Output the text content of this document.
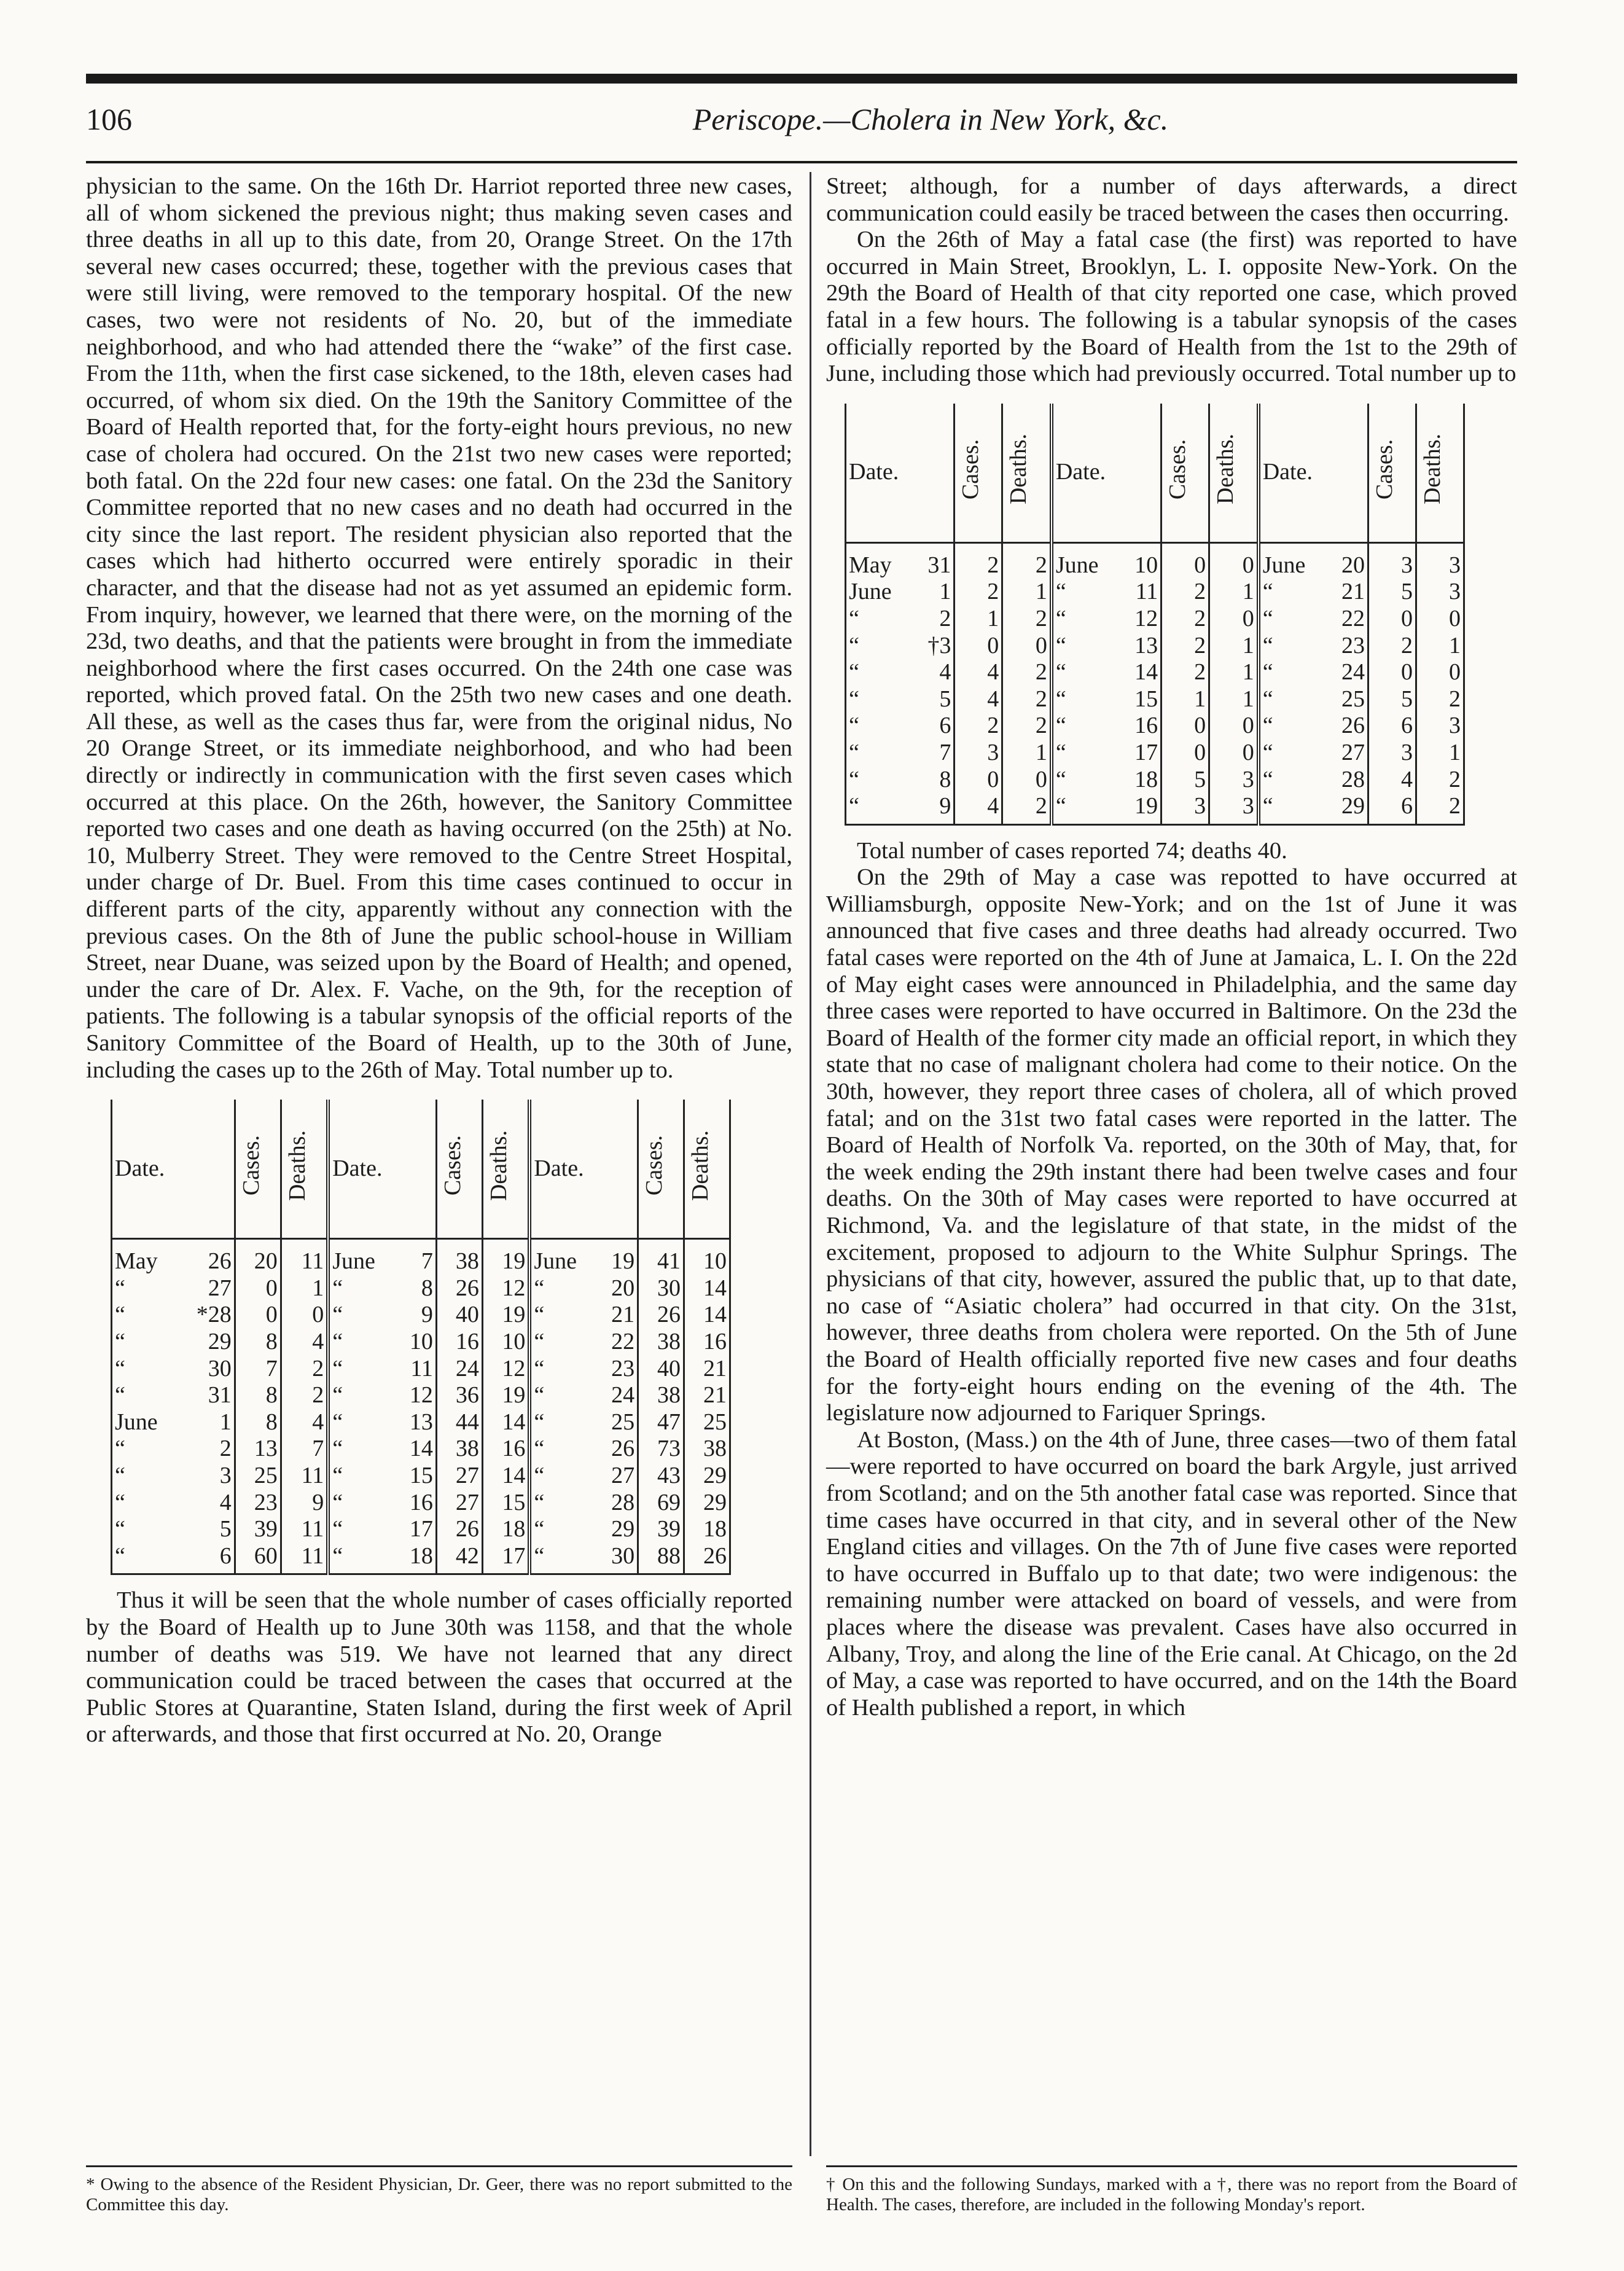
106	Periscope.—Cholera in New York, &c.

physician to the same. On the 16th Dr. Harriot reported three new cases, all of whom sickened the previous night; thus making seven cases and three deaths in all up to this date, from 20, Orange Street. On the 17th several new cases occurred; these, together with the previous cases that were still living, were removed to the temporary hospital. Of the new cases, two were not residents of No. 20, but of the immediate neighborhood, and who had attended there the “wake” of the first case. From the 11th, when the first case sickened, to the 18th, eleven cases had occurred, of whom six died. On the 19th the Sanitory Committee of the Board of Health reported that, for the forty-eight hours previous, no new case of cholera had occured. On the 21st two new cases were reported; both fatal. On the 22d four new cases: one fatal. On the 23d the Sanitory Committee reported that no new cases and no death had occurred in the city since the last report. The resident physician also reported that the cases which had hitherto occurred were entirely sporadic in their character, and that the disease had not as yet assumed an epidemic form. From inquiry, however, we learned that there were, on the morning of the 23d, two deaths, and that the patients were brought in from the immediate neighborhood where the first cases occurred. On the 24th one case was reported, which proved fatal. On the 25th two new cases and one death. All these, as well as the cases thus far, were from the original nidus, No 20 Orange Street, or its immediate neighborhood, and who had been directly or indirectly in communication with the first seven cases which occurred at this place. On the 26th, however, the Sanitory Committee reported two cases and one death as having occurred (on the 25th) at No. 10, Mulberry Street. They were removed to the Centre Street Hospital, under charge of Dr. Buel. From this time cases continued to occur in different parts of the city, apparently without any connection with the previous cases. On the 8th of June the public school-house in William Street, near Duane, was seized upon by the Board of Health; and opened, under the care of Dr. Alex. F. Vache, on the 9th, for the reception of patients. The following is a tabular synopsis of the official reports of the Sanitory Committee of the Board of Health, up to the 30th of June, including the cases up to the 26th of May. Total number up to.

Date.		Cases.	Deaths.	Date.		Cases.	Deaths.	Date.		Cases.	Deaths.
May	26	20	11	June	7	38	19	June	19	41	10
“	27	0	1	“	8	26	12	“	20	30	14
“	*28	0	0	“	9	40	19	“	21	26	14
“	29	8	4	“	10	16	10	“	22	38	16
“	30	7	2	“	11	24	12	“	23	40	21
“	31	8	2	“	12	36	19	“	24	38	21
June	1	8	4	“	13	44	14	“	25	47	25
“	2	13	7	“	14	38	16	“	26	73	38
“	3	25	11	“	15	27	14	“	27	43	29
“	4	23	9	“	16	27	15	“	28	69	29
“	5	39	11	“	17	26	18	“	29	39	18
“	6	60	11	“	18	42	17	“	30	88	26

Thus it will be seen that the whole number of cases officially reported by the Board of Health up to June 30th was 1158, and that the whole number of deaths was 519. We have not learned that any direct communication could be traced between the cases that occurred at the Public Stores at Quarantine, Staten Island, during the first week of April or afterwards, and those that first occurred at No. 20, Orange

Street; although, for a number of days afterwards, a direct communication could easily be traced between the cases then occurring.

On the 26th of May a fatal case (the first) was reported to have occurred in Main Street, Brooklyn, L. I. opposite New-York. On the 29th the Board of Health of that city reported one case, which proved fatal in a few hours. The following is a tabular synopsis of the cases officially reported by the Board of Health from the 1st to the 29th of June, including those which had previously occurred. Total number up to

Date.		Cases.	Deaths.	Date.		Cases.	Deaths.	Date.		Cases.	Deaths.
May	31	2	2	June	10	0	0	June	20	3	3
June	1	2	1	“	11	2	1	“	21	5	3
“	2	1	2	“	12	2	0	“	22	0	0
“	†3	0	0	“	13	2	1	“	23	2	1
“	4	4	2	“	14	2	1	“	24	0	0
“	5	4	2	“	15	1	1	“	25	5	2
“	6	2	2	“	16	0	0	“	26	6	3
“	7	3	1	“	17	0	0	“	27	3	1
“	8	0	0	“	18	5	3	“	28	4	2
“	9	4	2	“	19	3	3	“	29	6	2

Total number of cases reported 74; deaths 40.

On the 29th of May a case was repotted to have occurred at Williamsburgh, opposite New-York; and on the 1st of June it was announced that five cases and three deaths had already occurred. Two fatal cases were reported on the 4th of June at Jamaica, L. I. On the 22d of May eight cases were announced in Philadelphia, and the same day three cases were reported to have occurred in Baltimore. On the 23d the Board of Health of the former city made an official report, in which they state that no case of malignant cholera had come to their notice. On the 30th, however, they report three cases of cholera, all of which proved fatal; and on the 31st two fatal cases were reported in the latter. The Board of Health of Norfolk Va. reported, on the 30th of May, that, for the week ending the 29th instant there had been twelve cases and four deaths. On the 30th of May cases were reported to have occurred at Richmond, Va. and the legislature of that state, in the midst of the excitement, proposed to adjourn to the White Sulphur Springs. The physicians of that city, however, assured the public that, up to that date, no case of “Asiatic cholera” had occurred in that city. On the 31st, however, three deaths from cholera were reported. On the 5th of June the Board of Health officially reported five new cases and four deaths for the forty-eight hours ending on the evening of the 4th. The legislature now adjourned to Fariquer Springs.

At Boston, (Mass.) on the 4th of June, three cases—two of them fatal—were reported to have occurred on board the bark Argyle, just arrived from Scotland; and on the 5th another fatal case was reported. Since that time cases have occurred in that city, and in several other of the New England cities and villages. On the 7th of June five cases were reported to have occurred in Buffalo up to that date; two were indigenous: the remaining number were attacked on board of vessels, and were from places where the disease was prevalent. Cases have also occurred in Albany, Troy, and along the line of the Erie canal. At Chicago, on the 2d of May, a case was reported to have occurred, and on the 14th the Board of Health published a report, in which

* Owing to the absence of the Resident Physician, Dr. Geer, there was no report submitted to the Committee this day.
† On this and the following Sundays, marked with a †, there was no report from the Board of Health. The cases, therefore, are included in the following Monday's report.
